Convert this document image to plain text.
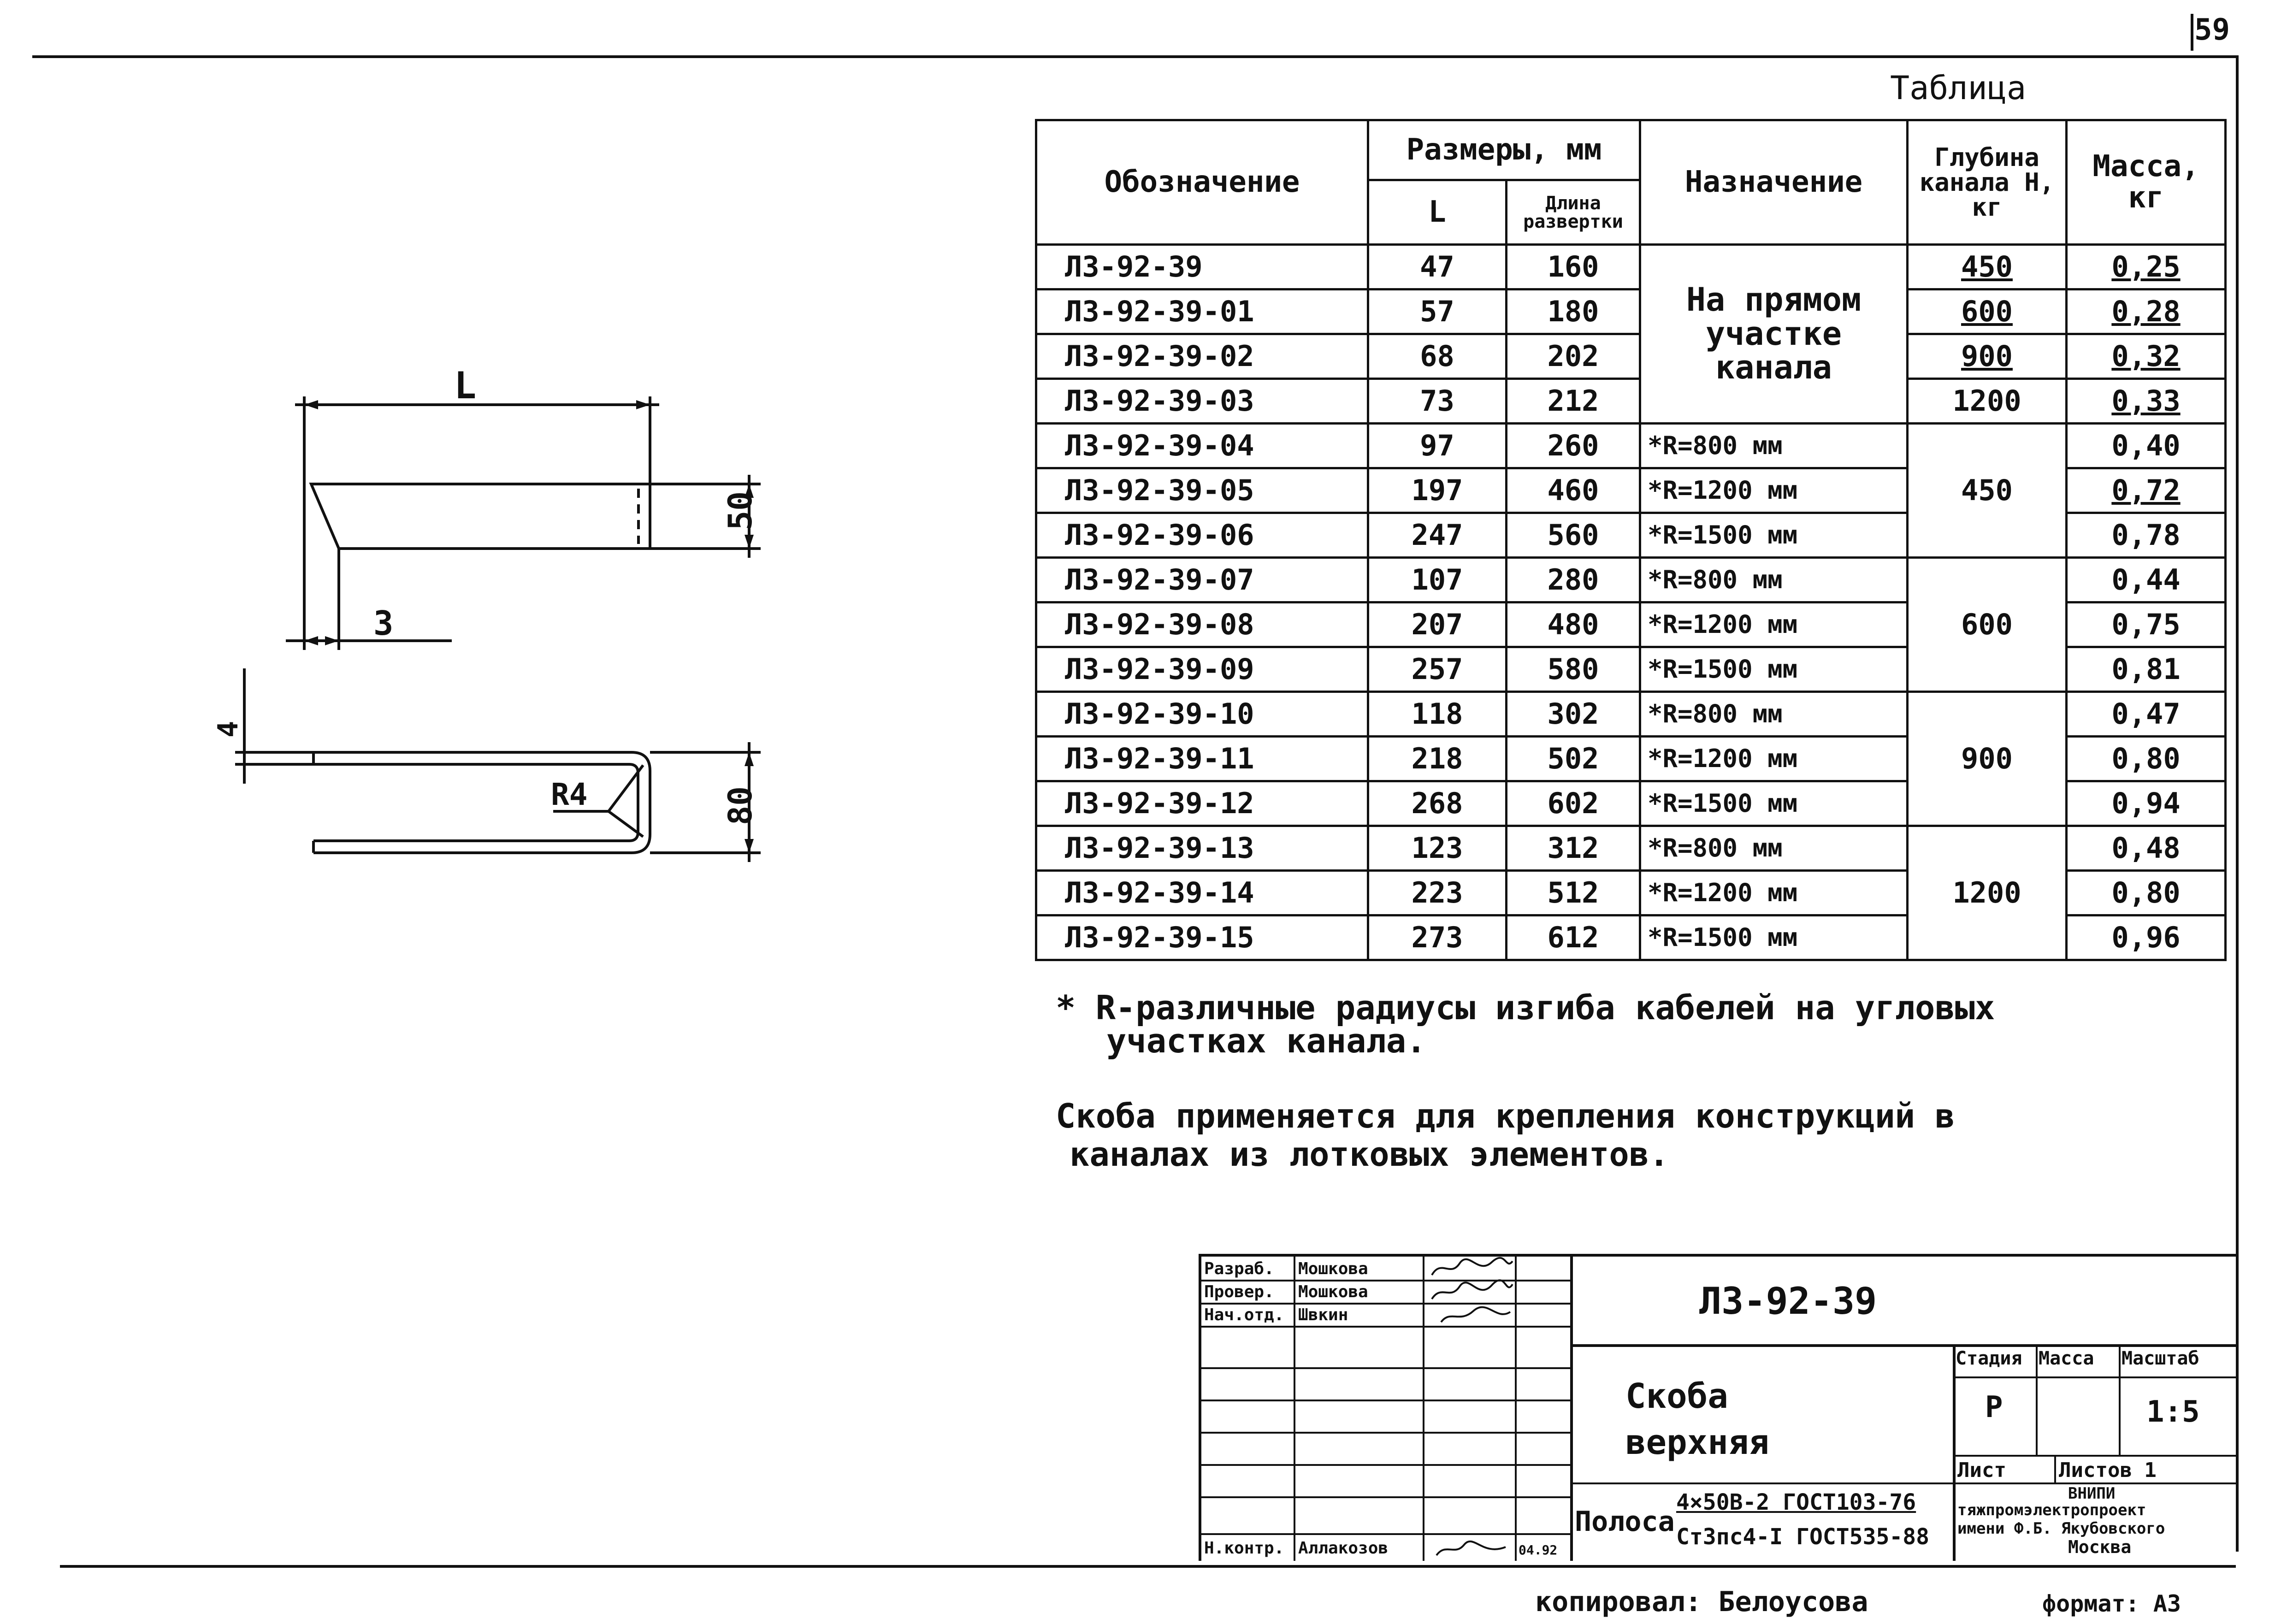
59
L
50
3
4
R4	80
Таблица
Обозначение	Размеры, мм		Назначение	Глубина канала Н, кг	Масса, кг
	L	Длина развертки			
Л3-92-39	47	160	На прямом участке канала	450	0,25
Л3-92-39-01	57	180		600	0,28
Л3-92-39-02	68	202		900	0,32
Л3-92-39-03	73	212		1200	0,33
Л3-92-39-04	97	260	*R=800 мм	450	0,40
Л3-92-39-05	197	460	*R=1200 мм		0,72
Л3-92-39-06	247	560	*R=1500 мм		0,78
Л3-92-39-07	107	280	*R=800 мм	600	0,44
Л3-92-39-08	207	480	*R=1200 мм		0,75
Л3-92-39-09	257	580	*R=1500 мм		0,81
Л3-92-39-10	118	302	*R=800 мм	900	0,47
Л3-92-39-11	218	502	*R=1200 мм		0,80
Л3-92-39-12	268	602	*R=1500 мм		0,94
Л3-92-39-13	123	312	*R=800 мм	1200	0,48
Л3-92-39-14	223	512	*R=1200 мм		0,80
Л3-92-39-15	273	612	*R=1500 мм		0,96
* R-различные радиусы изгиба кабелей на угловых
участках канала.
Скоба применяется для крепления конструкций в
каналах из лотковых элементов.
Разраб. Мошкова
Провер. Мошкова
Нач.отд. Швкин
Н.контр. Аллакозов	04.92
Л3-92-39
Скоба
верхняя
Стадия Масса Масштаб
Р	1:5
Лист	Листов 1
Полоса
4×50В-2 ГОСТ103-76
Ст3пс4-I ГОСТ535-88
ВНИПИ
тяжпромэлектропроект
имени Ф.Б. Якубовского
Москва
копировал: Белоусова	формат: А3
